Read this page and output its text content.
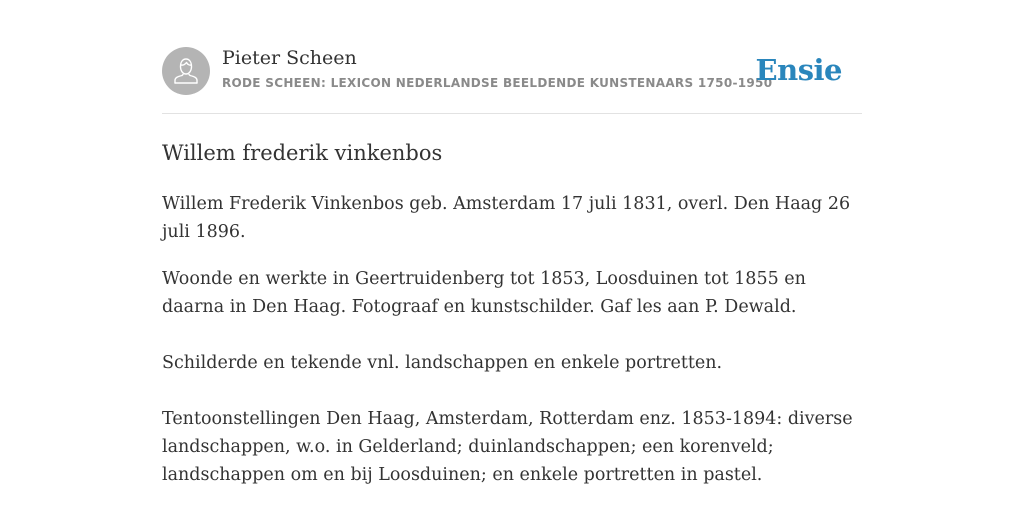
Pieter Scheen
RODE SCHEEN: LEXICON NEDERLANDSE BEELDENDE KUNSTENAARS 1750-1950
Ensie
Willem frederik vinkenbos

Willem Frederik Vinkenbos geb. Amsterdam 17 juli 1831, overl. Den Haag 26 juli 1896.

Woonde en werkte in Geertruidenberg tot 1853, Loosduinen tot 1855 en daarna in Den Haag. Fotograaf en kunstschilder. Gaf les aan P. Dewald.

Schilderde en tekende vnl. landschappen en enkele portretten.

Tentoonstellingen Den Haag, Amsterdam, Rotterdam enz. 1853-1894: diverse landschappen, w.o. in Gelderland; duinlandschappen; een korenveld; landschappen om en bij Loosduinen; en enkele portretten in pastel.
